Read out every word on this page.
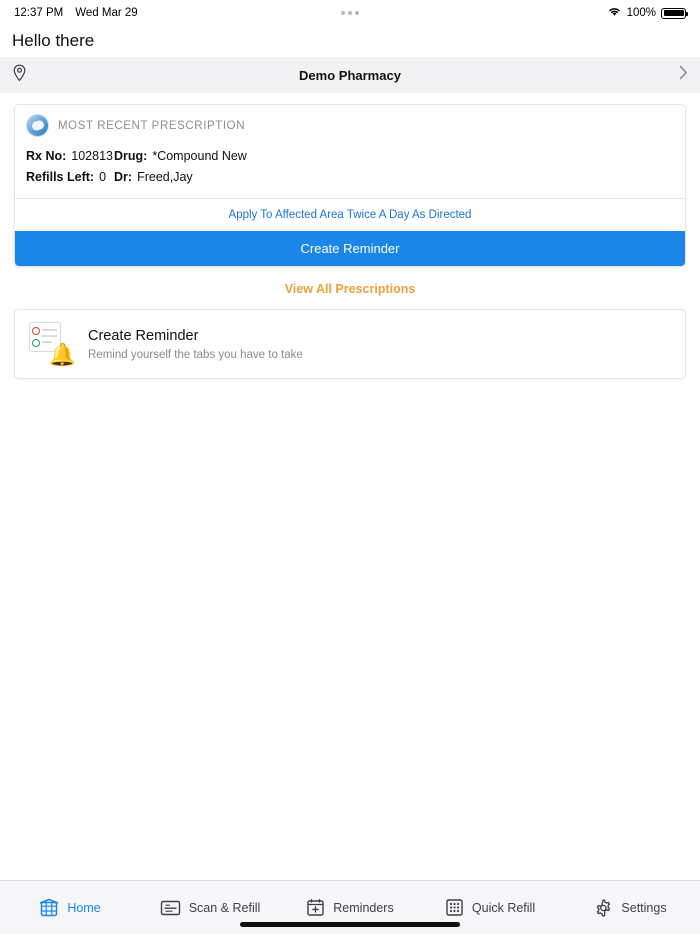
12:37 PM Wed Mar 29	100%
Hello there
Demo Pharmacy
MOST RECENT PRESCRIPTION
Rx No: 102813 Drug: *Compound New
Refills Left: 0 Dr: Freed,Jay
Apply To Affected Area Twice A Day As Directed
Create Reminder
View All Prescriptions
🔔
Create Reminder
Remind yourself the tabs you have to take
Home	Scan & Refill	Reminders	Quick Refill	Settings
